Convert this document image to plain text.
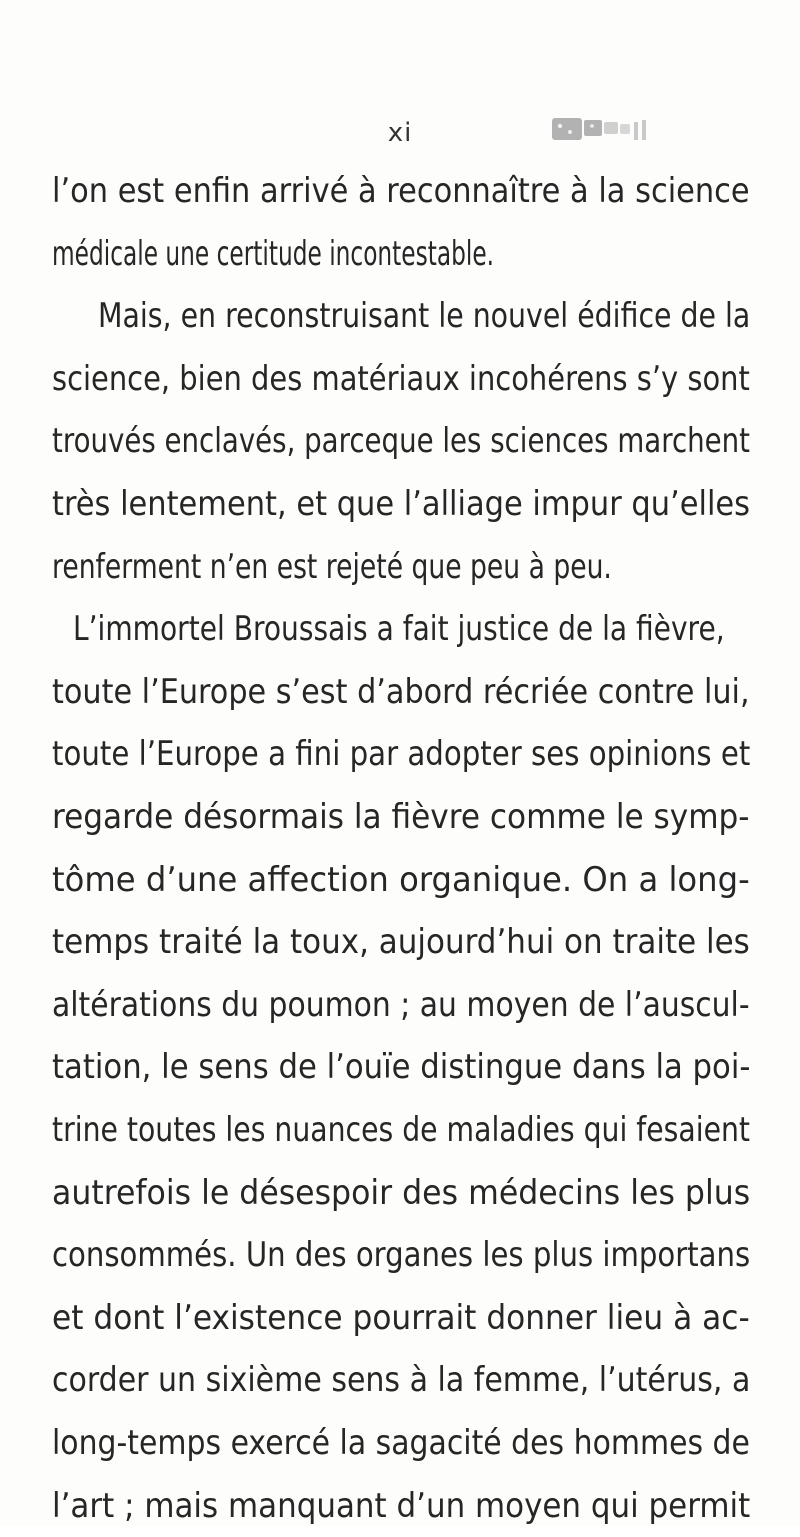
xi
l’on est enfin arrivé à reconnaître à la science
médicale une certitude incontestable.
Mais, en reconstruisant le nouvel édifice de la
science, bien des matériaux incohérens s’y sont
trouvés enclavés, parceque les sciences marchent
très lentement, et que l’alliage impur qu’elles
renferment n’en est rejeté que peu à peu.
L’immortel Broussais a fait justice de la fièvre,
toute l’Europe s’est d’abord récriée contre lui,
toute l’Europe a fini par adopter ses opinions et
regarde désormais la fièvre comme le symp-
tôme d’une affection organique. On a long-
temps traité la toux, aujourd’hui on traite les
altérations du poumon ; au moyen de l’auscul-
tation, le sens de l’ouïe distingue dans la poi-
trine toutes les nuances de maladies qui fesaient
autrefois le désespoir des médecins les plus
consommés. Un des organes les plus importans
et dont l’existence pourrait donner lieu à ac-
corder un sixième sens à la femme, l’utérus, a
long-temps exercé la sagacité des hommes de
l’art ; mais manquant d’un moyen qui permit
